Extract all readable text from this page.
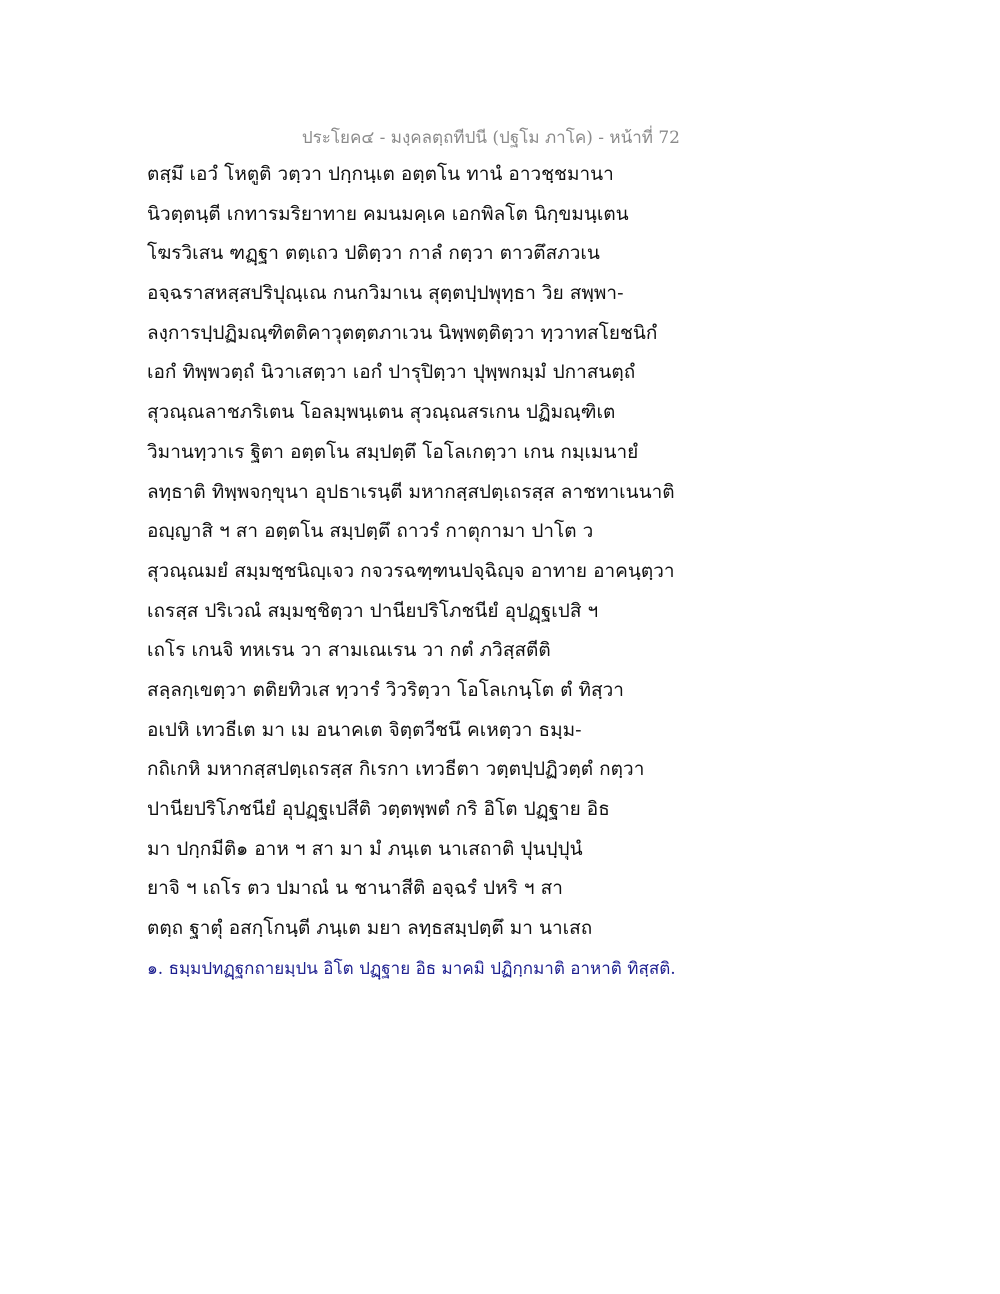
ประโยค๔ - มงฺคลตฺถทีปนี (ปฐโม ภาโค) - หน้าที่ 72
ตสฺมึ เอวํ โหตูติ วตฺวา ปกฺกนฺเต อตฺตโน ทานํ อาวชฺชมานา
นิวตฺตนฺตี เกทารมริยาทาย คมนมคฺเค เอกพิลโต นิกฺขมนฺเตน
โฆรวิเสน ฑฏฺฐา ตตฺเถว ปติตฺวา กาลํ กตฺวา ตาวตึสภวเน
อจฺฉราสหสฺสปริปุณฺเณ กนกวิมาเน สุตฺตปฺปพุทฺธา วิย สพฺพา-
ลงฺการปฺปฏิมณฺฑิตติคาวุตตฺตภาเวน นิพฺพตฺติตฺวา ทฺวาทสโยชนิกํ
เอกํ ทิพฺพวตฺถํ นิวาเสตฺวา เอกํ ปารุปิตฺวา ปุพฺพกมฺมํ ปกาสนตฺถํ
สุวณฺณลาชภริเตน โอลมฺพนฺเตน สุวณฺณสรเกน ปฏิมณฺฑิเต
วิมานทฺวาเร ฐิตา อตฺตโน สมฺปตฺตึ โอโลเกตฺวา เกน กมฺเมนายํ
ลทฺธาติ ทิพฺพจกฺขุนา อุปธาเรนฺตี มหากสฺสปตฺเถรสฺส ลาชทาเนนาติ
อญฺญาสิ ฯ สา อตฺตโน สมฺปตฺตึ ถาวรํ กาตุกามา ปาโต ว
สุวณฺณมยํ สมฺมชฺชนิญฺเจว กจวรฉฑฺฑนปจฺฉิญฺจ อาทาย อาคนฺตฺวา
เถรสฺส ปริเวณํ สมฺมชฺชิตฺวา ปานียปริโภชนียํ อุปฏฺฐเปสิ ฯ
เถโร เกนจิ ทหเรน วา สามเณเรน วา กตํ ภวิสฺสตีติ
สลฺลกฺเขตฺวา ตติยทิวเส ทฺวารํ วิวริตฺวา โอโลเกนฺโต ตํ ทิสฺวา
อเปหิ เทวธีเต มา เม อนาคเต จิตฺตวีชนึ คเหตฺวา ธมฺม-
กถิเกหิ มหากสฺสปตฺเถรสฺส กิเรกา เทวธีตา วตฺตปฺปฏิวตฺตํ กตฺวา
ปานียปริโภชนียํ อุปฏฺฐเปสีติ วตฺตพฺพตํ กริ อิโต ปฏฺฐาย อิธ
มา ปกฺกมีติ๑ อาห ฯ สา มา มํ ภนฺเต นาเสถาติ ปุนปฺปุนํ
ยาจิ ฯ เถโร ตว ปมาณํ น ชานาสีติ อจฺฉรํ ปหริ ฯ สา
ตตฺถ ฐาตุํ อสกฺโกนฺตี ภนฺเต มยา ลทฺธสมฺปตฺตึ มา นาเสถ
๑. ธมฺมปทฏฺฐกถายมฺปน อิโต ปฏฺฐาย อิธ มาคมิ ปฏิกฺกมาติ อาหาติ ทิสฺสติ.
